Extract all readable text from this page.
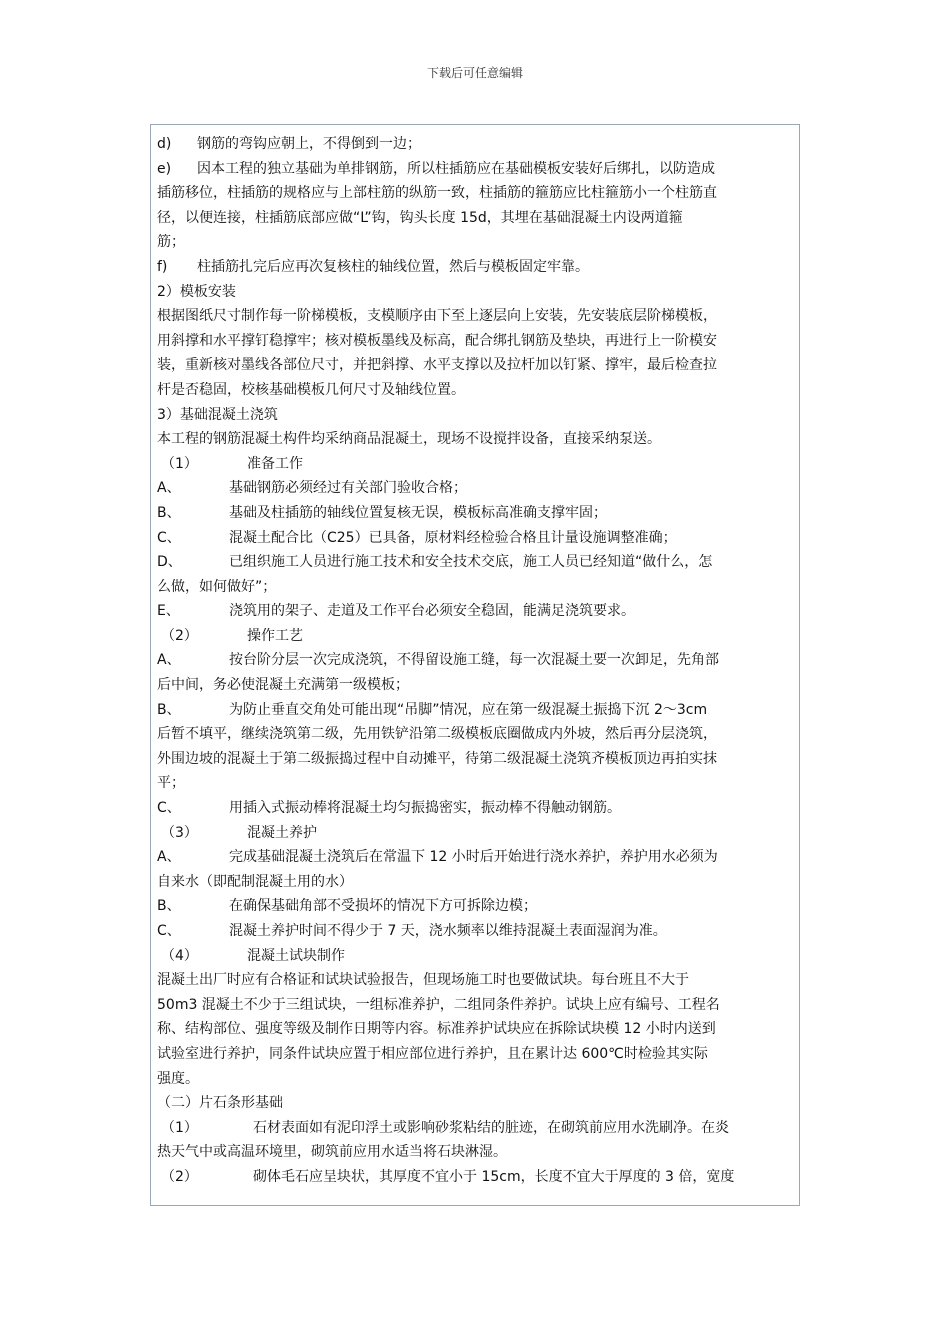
下载后可任意编辑
d) 钢筋的弯钩应朝上，不得倒到一边；
e) 因本工程的独立基础为单排钢筋，所以柱插筋应在基础模板安装好后绑扎，以防造成
插筋移位，柱插筋的规格应与上部柱筋的纵筋一致，柱插筋的箍筋应比柱箍筋小一个柱筋直
径，以便连接，柱插筋底部应做“L”钩，钩头长度 15d，其埋在基础混凝土内设两道箍
筋；
f) 柱插筋扎完后应再次复核柱的轴线位置，然后与模板固定牢靠。
2）模板安装
根据图纸尺寸制作每一阶梯模板，支模顺序由下至上逐层向上安装，先安装底层阶梯模板，
用斜撑和水平撑钉稳撑牢；核对模板墨线及标高，配合绑扎钢筋及垫块，再进行上一阶模安
装，重新核对墨线各部位尺寸，并把斜撑、水平支撑以及拉杆加以钉紧、撑牢，最后检查拉
杆是否稳固，校核基础模板几何尺寸及轴线位置。
3）基础混凝土浇筑
本工程的钢筋混凝土构件均采纳商品混凝土，现场不设搅拌设备，直接采纳泵送。
（1）	准备工作
A、	基础钢筋必须经过有关部门验收合格；
B、	基础及柱插筋的轴线位置复核无误，模板标高准确支撑牢固；
C、	混凝土配合比（C25）已具备，原材料经检验合格且计量设施调整准确；
D、	已组织施工人员进行施工技术和安全技术交底，施工人员已经知道“做什么，怎
么做，如何做好”；
E、	浇筑用的架子、走道及工作平台必须安全稳固，能满足浇筑要求。
（2）	操作工艺
A、	按台阶分层一次完成浇筑，不得留设施工缝，每一次混凝土要一次卸足，先角部
后中间，务必使混凝土充满第一级模板；
B、	为防止垂直交角处可能出现“吊脚”情况，应在第一级混凝土振捣下沉 2～3cm
后暂不填平，继续浇筑第二级，先用铁铲沿第二级模板底圈做成内外坡，然后再分层浇筑，
外围边坡的混凝土于第二级振捣过程中自动摊平，待第二级混凝土浇筑齐模板顶边再拍实抹
平；
C、	用插入式振动棒将混凝土均匀振捣密实，振动棒不得触动钢筋。
（3）	混凝土养护
A、	完成基础混凝土浇筑后在常温下 12 小时后开始进行浇水养护，养护用水必须为
自来水（即配制混凝土用的水）
B、	在确保基础角部不受损坏的情况下方可拆除边模；
C、	混凝土养护时间不得少于 7 天，浇水频率以维持混凝土表面湿润为准。
（4）	混凝土试块制作
混凝土出厂时应有合格证和试块试验报告，但现场施工时也要做试块。每台班且不大于
50m3 混凝土不少于三组试块，一组标准养护，二组同条件养护。试块上应有编号、工程名
称、结构部位、强度等级及制作日期等内容。标准养护试块应在拆除试块模 12 小时内送到
试验室进行养护，同条件试块应置于相应部位进行养护，且在累计达 600℃时检验其实际
强度。
（二）片石条形基础
（1）	石材表面如有泥印浮土或影响砂浆粘结的脏迹，在砌筑前应用水洗刷净。在炎
热天气中或高温环境里，砌筑前应用水适当将石块淋湿。
（2）	砌体毛石应呈块状，其厚度不宜小于 15cm，长度不宜大于厚度的 3 倍，宽度
